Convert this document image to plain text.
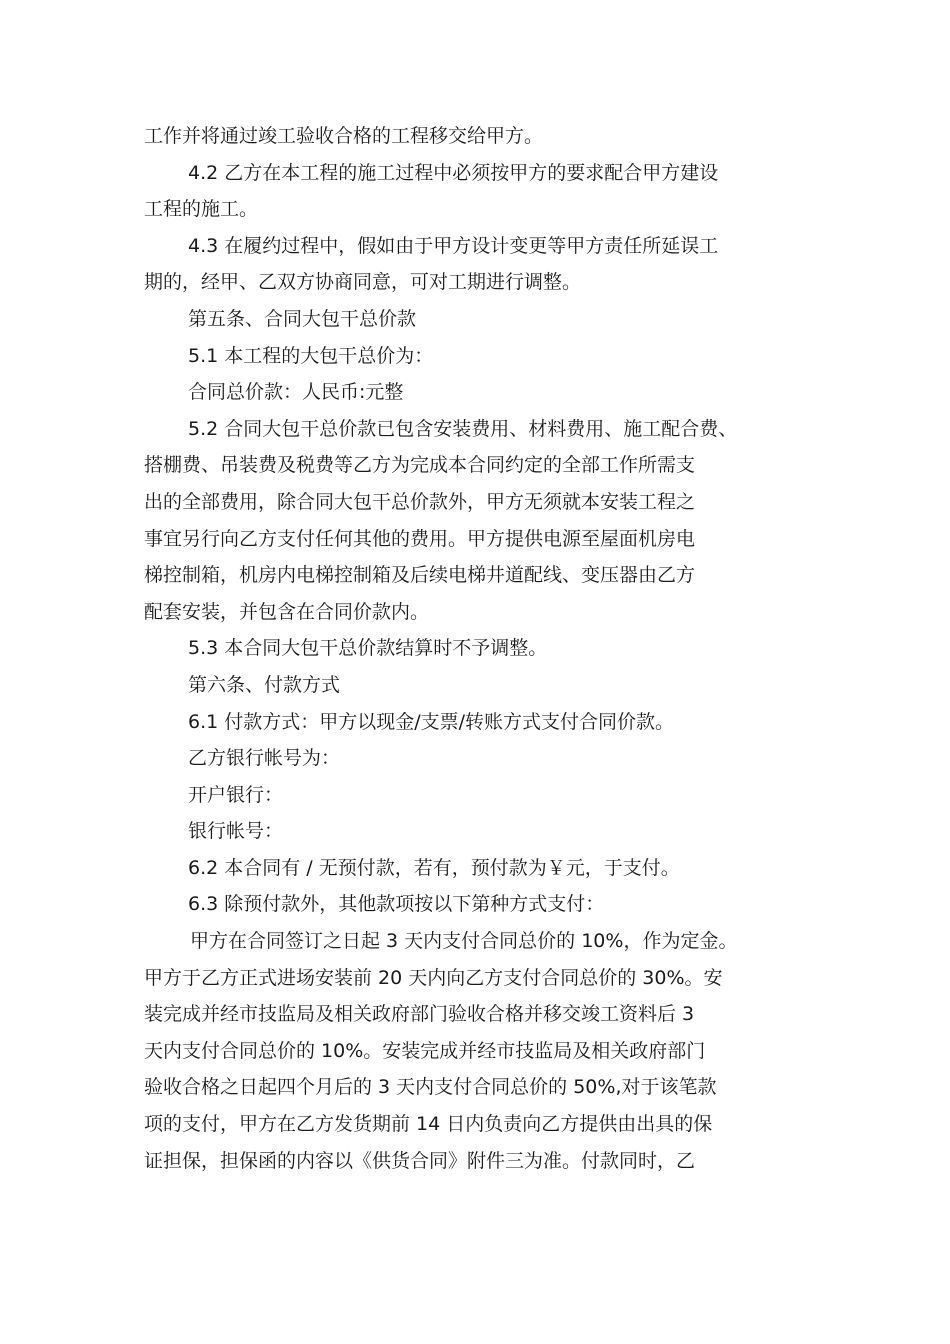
工作并将通过竣工验收合格的工程移交给甲方。
4.2 乙方在本工程的施工过程中必须按甲方的要求配合甲方建设
工程的施工。
4.3 在履约过程中，假如由于甲方设计变更等甲方责任所延误工
期的，经甲、乙双方协商同意，可对工期进行调整。
第五条、合同大包干总价款
5.1 本工程的大包干总价为：
合同总价款：人民币:元整
5.2 合同大包干总价款已包含安装费用、材料费用、施工配合费、
搭棚费、吊装费及税费等乙方为完成本合同约定的全部工作所需支
出的全部费用，除合同大包干总价款外，甲方无须就本安装工程之
事宜另行向乙方支付任何其他的费用。甲方提供电源至屋面机房电
梯控制箱，机房内电梯控制箱及后续电梯井道配线、变压器由乙方
配套安装，并包含在合同价款内。
5.3 本合同大包干总价款结算时不予调整。
第六条、付款方式
6.1 付款方式：甲方以现金/支票/转账方式支付合同价款。
乙方银行帐号为：
开户银行：
银行帐号：
6.2 本合同有 / 无预付款，若有，预付款为￥元，于支付。
6.3 除预付款外，其他款项按以下第种方式支付：
甲方在合同签订之日起 3 天内支付合同总价的 10%，作为定金。
甲方于乙方正式进场安装前 20 天内向乙方支付合同总价的 30%。安
装完成并经市技监局及相关政府部门验收合格并移交竣工资料后 3
天内支付合同总价的 10%。安装完成并经市技监局及相关政府部门
验收合格之日起四个月后的 3 天内支付合同总价的 50%,对于该笔款
项的支付，甲方在乙方发货期前 14 日内负责向乙方提供由出具的保
证担保，担保函的内容以《供货合同》附件三为准。付款同时，乙
